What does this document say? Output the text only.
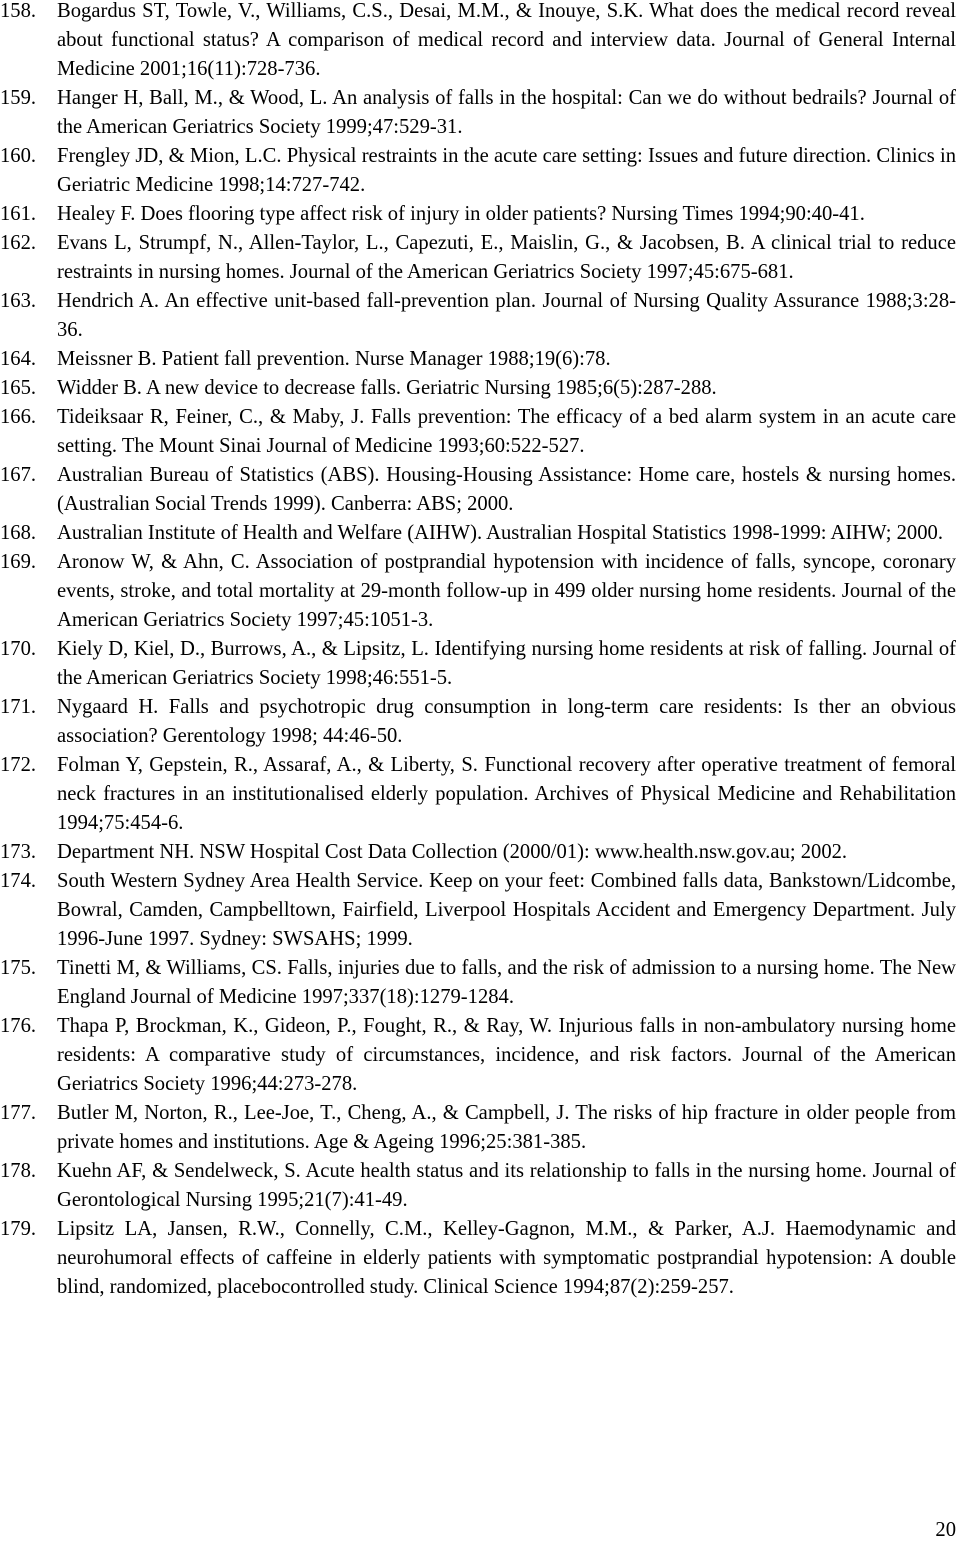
158.	Bogardus ST, Towle, V., Williams, C.S., Desai, M.M., & Inouye, S.K. What does the medical record reveal about functional status? A comparison of medical record and interview data. Journal of General Internal Medicine 2001;16(11):728-736.
159.	Hanger H, Ball, M., & Wood, L. An analysis of falls in the hospital: Can we do without bedrails? Journal of the American Geriatrics Society 1999;47:529-31.
160.	Frengley JD, & Mion, L.C. Physical restraints in the acute care setting: Issues and future direction. Clinics in Geriatric Medicine 1998;14:727-742.
161.	Healey F. Does flooring type affect risk of injury in older patients? Nursing Times 1994;90:40-41.
162.	Evans L, Strumpf, N., Allen-Taylor, L., Capezuti, E., Maislin, G., & Jacobsen, B. A clinical trial to reduce restraints in nursing homes. Journal of the American Geriatrics Society 1997;45:675-681.
163.	Hendrich A. An effective unit-based fall-prevention plan. Journal of Nursing Quality Assurance 1988;3:28-36.
164.	Meissner B. Patient fall prevention. Nurse Manager 1988;19(6):78.
165.	Widder B. A new device to decrease falls. Geriatric Nursing 1985;6(5):287-288.
166.	Tideiksaar R, Feiner, C., & Maby, J. Falls prevention: The efficacy of a bed alarm system in an acute care setting. The Mount Sinai Journal of Medicine 1993;60:522-527.
167.	Australian Bureau of Statistics (ABS). Housing-Housing Assistance: Home care, hostels & nursing homes. (Australian Social Trends 1999). Canberra: ABS; 2000.
168.	Australian Institute of Health and Welfare (AIHW). Australian Hospital Statistics 1998-1999: AIHW; 2000.
169.	Aronow W, & Ahn, C. Association of postprandial hypotension with incidence of falls, syncope, coronary events, stroke, and total mortality at 29-month follow-up in 499 older nursing home residents. Journal of the American Geriatrics Society 1997;45:1051-3.
170.	Kiely D, Kiel, D., Burrows, A., & Lipsitz, L. Identifying nursing home residents at risk of falling. Journal of the American Geriatrics Society 1998;46:551-5.
171.	Nygaard H. Falls and psychotropic drug consumption in long-term care residents: Is ther an obvious association? Gerentology 1998; 44:46-50.
172.	Folman Y, Gepstein, R., Assaraf, A., & Liberty, S. Functional recovery after operative treatment of femoral neck fractures in an institutionalised elderly population. Archives of Physical Medicine and Rehabilitation 1994;75:454-6.
173.	Department NH. NSW Hospital Cost Data Collection (2000/01): www.health.nsw.gov.au; 2002.
174.	South Western Sydney Area Health Service. Keep on your feet: Combined falls data, Bankstown/Lidcombe, Bowral, Camden, Campbelltown, Fairfield, Liverpool Hospitals Accident and Emergency Department. July 1996-June 1997. Sydney: SWSAHS; 1999.
175.	Tinetti M, & Williams, CS. Falls, injuries due to falls, and the risk of admission to a nursing home. The New England Journal of Medicine 1997;337(18):1279-1284.
176.	Thapa P, Brockman, K., Gideon, P., Fought, R., & Ray, W. Injurious falls in non-ambulatory nursing home residents: A comparative study of circumstances, incidence, and risk factors. Journal of the American Geriatrics Society 1996;44:273-278.
177.	Butler M, Norton, R., Lee-Joe, T., Cheng, A., & Campbell, J. The risks of hip fracture in older people from private homes and institutions. Age & Ageing 1996;25:381-385.
178.	Kuehn AF, & Sendelweck, S. Acute health status and its relationship to falls in the nursing home. Journal of Gerontological Nursing 1995;21(7):41-49.
179.	Lipsitz LA, Jansen, R.W., Connelly, C.M., Kelley-Gagnon, M.M., & Parker, A.J. Haemodynamic and neurohumoral effects of caffeine in elderly patients with symptomatic postprandial hypotension: A double blind, randomized, placebocontrolled study. Clinical Science 1994;87(2):259-257.
20
